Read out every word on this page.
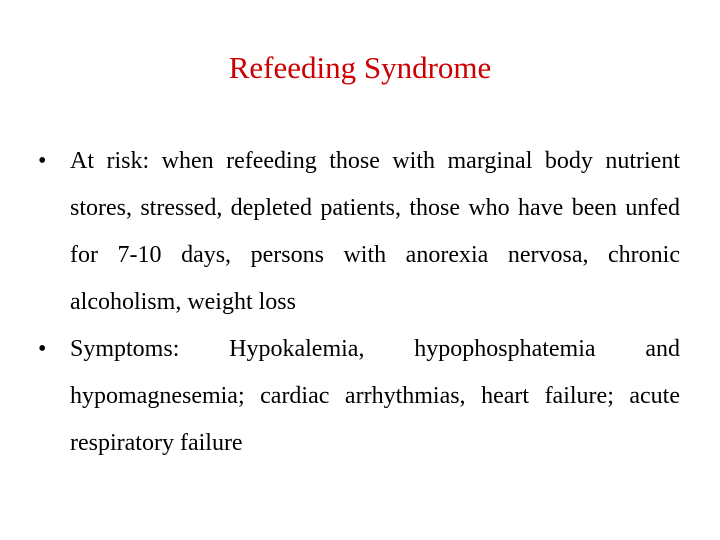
Refeeding Syndrome
• At risk: when refeeding those with marginal body nutrient stores, stressed, depleted patients, those who have been unfed for 7-10 days, persons with anorexia nervosa, chronic alcoholism, weight loss
• Symptoms: Hypokalemia, hypophosphatemia and hypomagnesemia; cardiac arrhythmias, heart failure; acute respiratory failure
